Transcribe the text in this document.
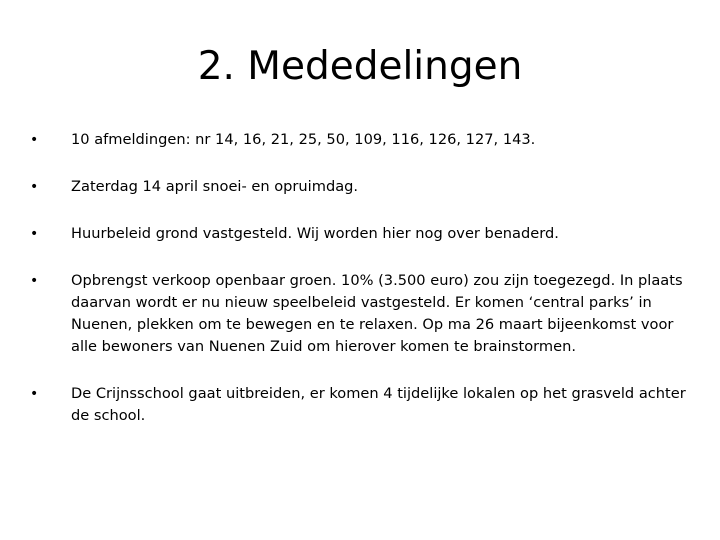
2. Mededelingen
• 10 afmeldingen: nr 14, 16, 21, 25, 50, 109, 116, 126, 127, 143.
• Zaterdag 14 april snoei- en opruimdag.
• Huurbeleid grond vastgesteld. Wij worden hier nog over benaderd.
• Opbrengst verkoop openbaar groen. 10% (3.500 euro) zou zijn toegezegd. In plaats daarvan wordt er nu nieuw speelbeleid vastgesteld. Er komen ‘central parks’ in Nuenen, plekken om te bewegen en te relaxen. Op ma 26 maart bijeenkomst voor alle bewoners van Nuenen Zuid om hierover komen te brainstormen.
• De Crijnsschool gaat uitbreiden, er komen 4 tijdelijke lokalen op het grasveld achter de school.
